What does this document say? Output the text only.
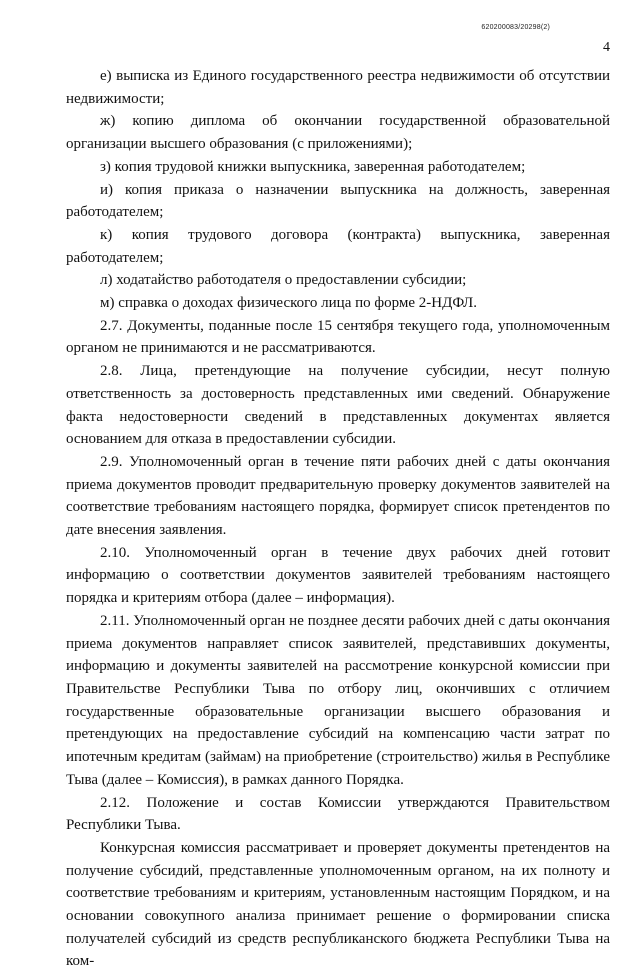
620200083/20298(2)
4

е) выписка из Единого государственного реестра недвижимости об отсутствии недвижимости;

ж) копию диплома об окончании государственной образовательной организации высшего образования (с приложениями);

з) копия трудовой книжки выпускника, заверенная работодателем;

и) копия приказа о назначении выпускника на должность, заверенная работодателем;

к) копия трудового договора (контракта) выпускника, заверенная работодателем;

л) ходатайство работодателя о предоставлении субсидии;

м) справка о доходах физического лица по форме 2-НДФЛ.

2.7. Документы, поданные после 15 сентября текущего года, уполномоченным органом не принимаются и не рассматриваются.

2.8. Лица, претендующие на получение субсидии, несут полную ответственность за достоверность представленных ими сведений. Обнаружение факта недостоверности сведений в представленных документах является основанием для отказа в предоставлении субсидии.

2.9. Уполномоченный орган в течение пяти рабочих дней с даты окончания приема документов проводит предварительную проверку документов заявителей на соответствие требованиям настоящего порядка, формирует список претендентов по дате внесения заявления.

2.10. Уполномоченный орган в течение двух рабочих дней готовит информацию о соответствии документов заявителей требованиям настоящего порядка и критериям отбора (далее – информация).

2.11. Уполномоченный орган не позднее десяти рабочих дней с даты окончания приема документов направляет список заявителей, представивших документы, информацию и документы заявителей на рассмотрение конкурсной комиссии при Правительстве Республики Тыва по отбору лиц, окончивших с отличием государственные образовательные организации высшего образования и претендующих на предоставление субсидий на компенсацию части затрат по ипотечным кредитам (займам) на приобретение (строительство) жилья в Республике Тыва (далее – Комиссия), в рамках данного Порядка.

2.12. Положение и состав Комиссии утверждаются Правительством Республики Тыва.

Конкурсная комиссия рассматривает и проверяет документы претендентов на получение субсидий, представленные уполномоченным органом, на их полноту и соответствие требованиям и критериям, установленным настоящим Порядком, и на основании совокупного анализа принимает решение о формировании списка получателей субсидий из средств республиканского бюджета Республики Тыва на ком-
